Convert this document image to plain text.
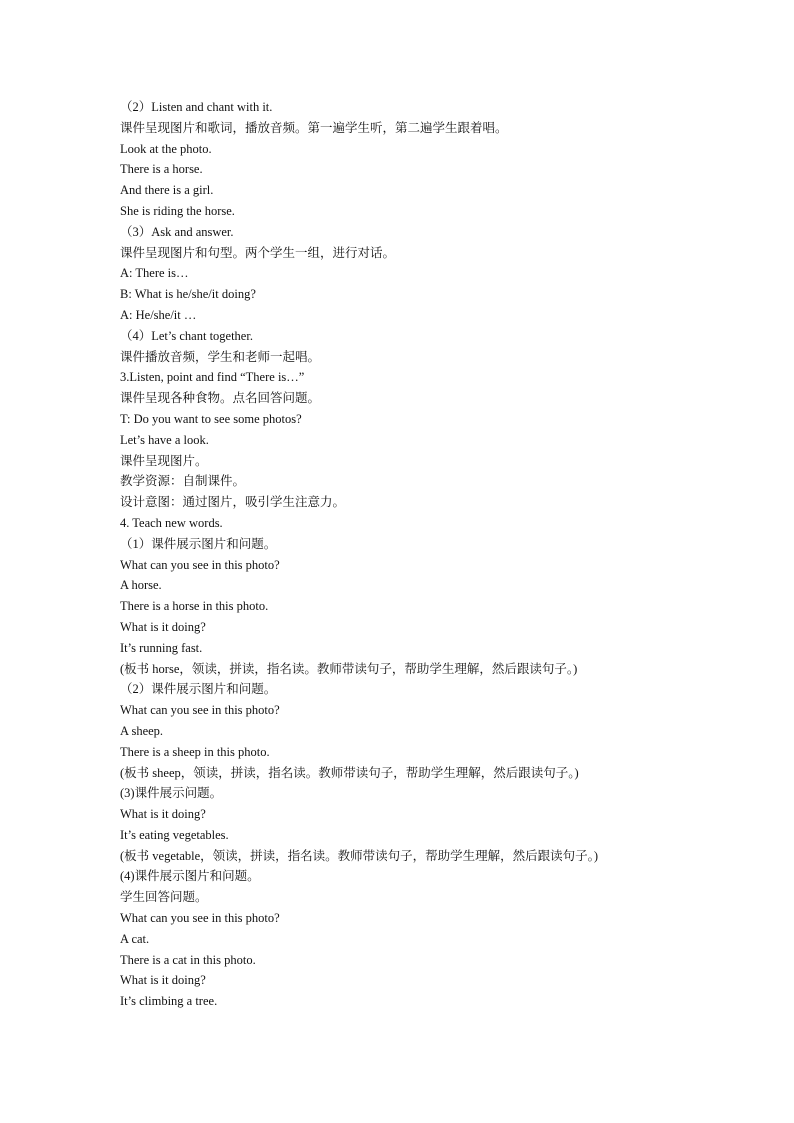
（2）Listen and chant with it.
课件呈现图片和歌词，播放音频。第一遍学生听，第二遍学生跟着唱。
Look at the photo.
There is a horse.
And there is a girl.
She is riding the horse.
（3）Ask and answer.
课件呈现图片和句型。两个学生一组，进行对话。
A: There is…
B: What is he/she/it doing?
A: He/she/it …
（4）Let’s chant together.
课件播放音频，学生和老师一起唱。
3.Listen, point and find “There is…”
课件呈现各种食物。点名回答问题。
T: Do you want to see some photos?
Let’s have a look.
课件呈现图片。
教学资源：自制课件。
设计意图：通过图片，吸引学生注意力。
4. Teach new words.
（1）课件展示图片和问题。
What can you see in this photo?
A horse.
There is a horse in this photo.
What is it doing?
It’s running fast.
(板书 horse，领读，拼读，指名读。教师带读句子，帮助学生理解，然后跟读句子。)
（2）课件展示图片和问题。
What can you see in this photo?
A sheep.
There is a sheep in this photo.
(板书 sheep，领读，拼读，指名读。教师带读句子，帮助学生理解，然后跟读句子。)
(3)课件展示问题。
What is it doing?
It’s eating vegetables.
(板书 vegetable，领读，拼读，指名读。教师带读句子，帮助学生理解，然后跟读句子。)
(4)课件展示图片和问题。
学生回答问题。
What can you see in this photo?
A cat.
There is a cat in this photo.
What is it doing?
It’s climbing a tree.
